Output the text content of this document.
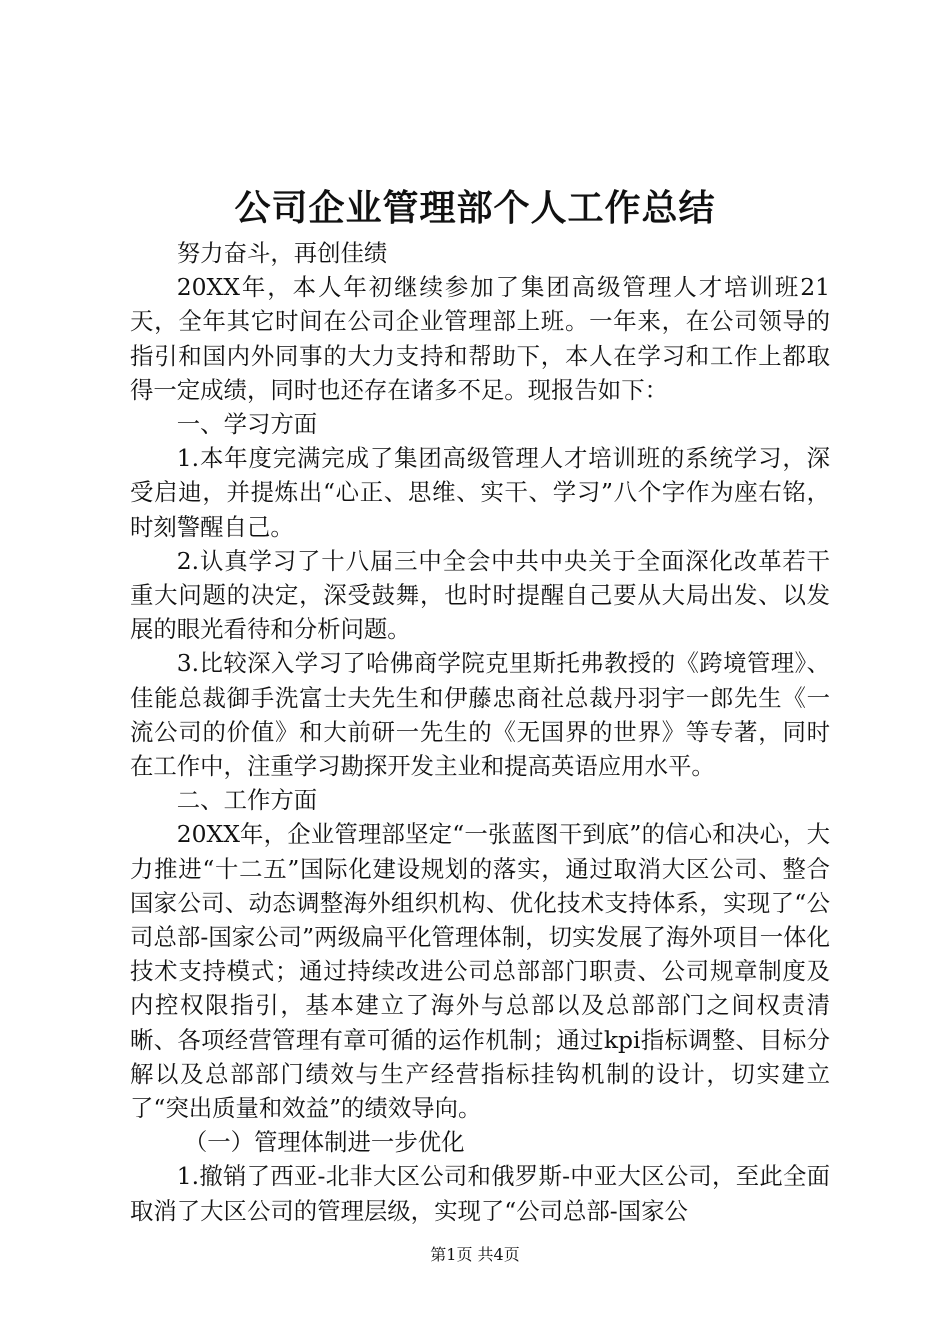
公司企业管理部个人工作总结

努力奋斗，再创佳绩

20XX年，本人年初继续参加了集团高级管理人才培训班21天，全年其它时间在公司企业管理部上班。一年来，在公司领导的指引和国内外同事的大力支持和帮助下，本人在学习和工作上都取得一定成绩，同时也还存在诸多不足。现报告如下：

一、学习方面

1.本年度完满完成了集团高级管理人才培训班的系统学习，深受启迪，并提炼出“心正、思维、实干、学习”八个字作为座右铭，时刻警醒自己。

2.认真学习了十八届三中全会中共中央关于全面深化改革若干重大问题的决定，深受鼓舞，也时时提醒自己要从大局出发、以发展的眼光看待和分析问题。

3.比较深入学习了哈佛商学院克里斯托弗教授的《跨境管理》、佳能总裁御手洗富士夫先生和伊藤忠商社总裁丹羽宇一郎先生《一流公司的价值》和大前研一先生的《无国界的世界》等专著，同时在工作中，注重学习勘探开发主业和提高英语应用水平。

二、工作方面

20XX年，企业管理部坚定“一张蓝图干到底”的信心和决心，大力推进“十二五”国际化建设规划的落实，通过取消大区公司、整合国家公司、动态调整海外组织机构、优化技术支持体系，实现了“公司总部-国家公司”两级扁平化管理体制，切实发展了海外项目一体化技术支持模式；通过持续改进公司总部部门职责、公司规章制度及内控权限指引，基本建立了海外与总部以及总部部门之间权责清晰、各项经营管理有章可循的运作机制；通过kpi指标调整、目标分解以及总部部门绩效与生产经营指标挂钩机制的设计，切实建立了“突出质量和效益”的绩效导向。

（一）管理体制进一步优化

1.撤销了西亚-北非大区公司和俄罗斯-中亚大区公司，至此全面取消了大区公司的管理层级，实现了“公司总部-国家公

第1页 共4页
